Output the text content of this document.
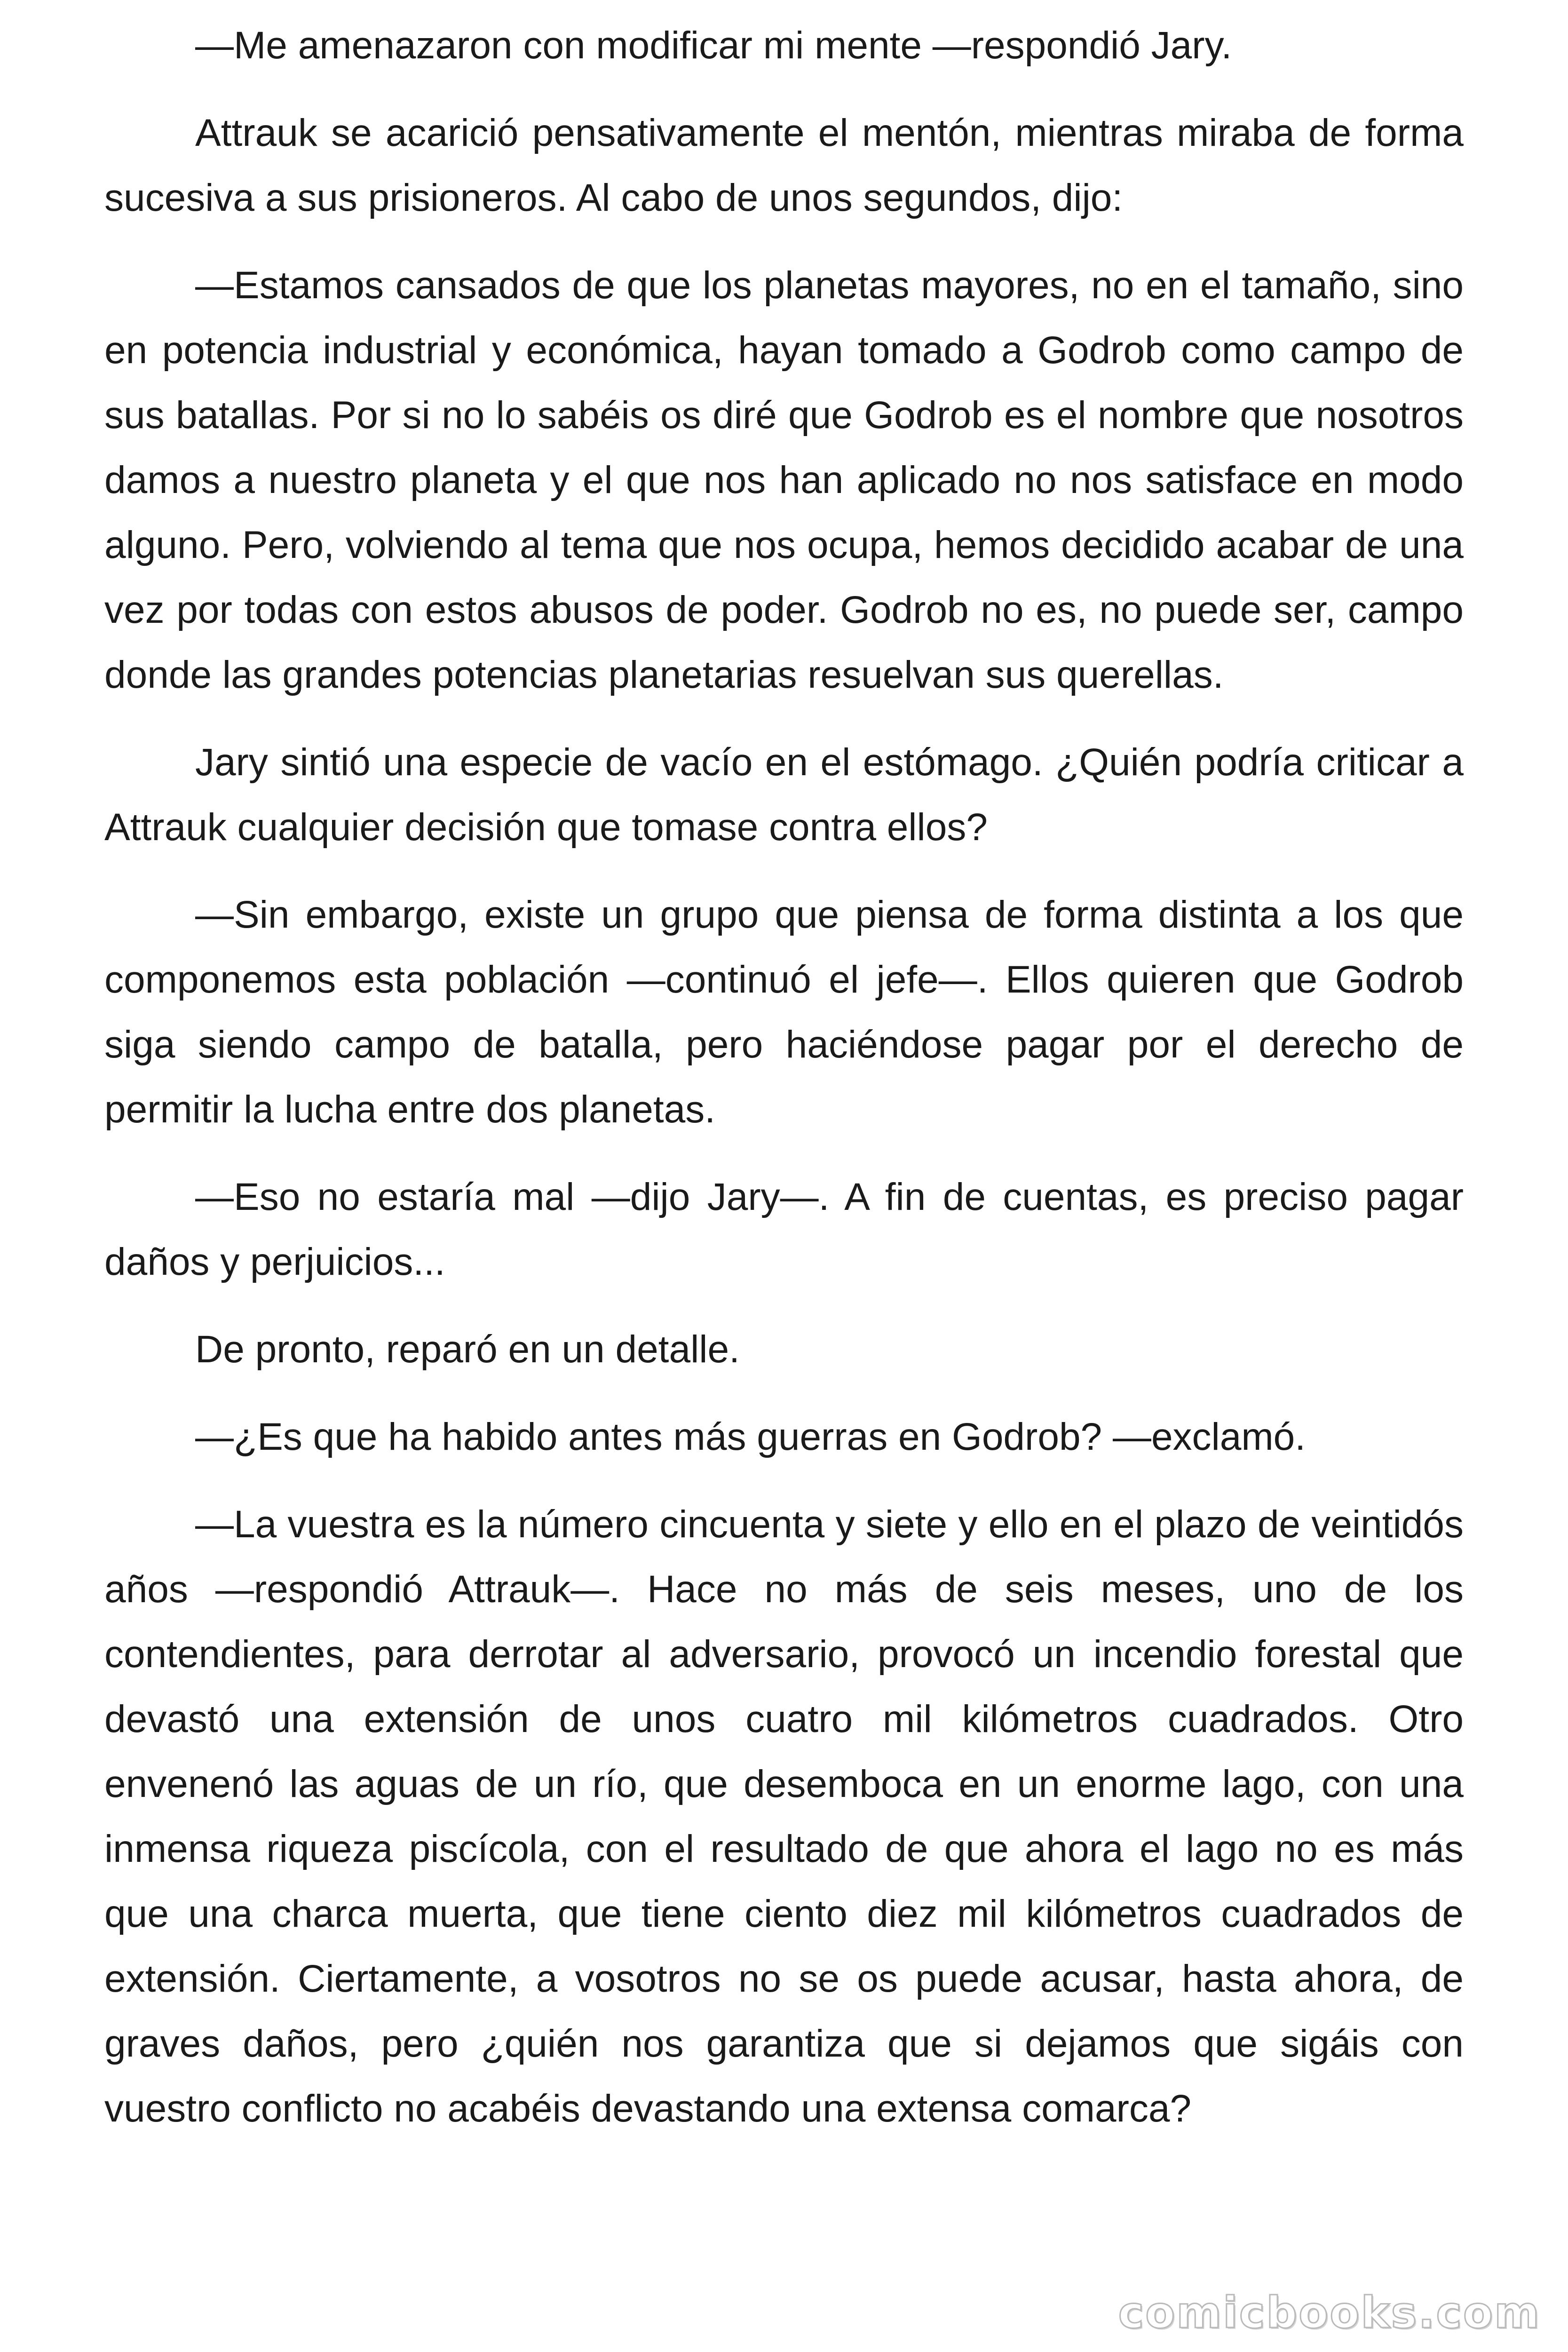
—Me amenazaron con modificar mi mente —respondió Jary.

Attrauk se acarició pensativamente el mentón, mientras miraba de forma sucesiva a sus prisioneros. Al cabo de unos segundos, dijo:

—Estamos cansados de que los planetas mayores, no en el tamaño, sino en potencia industrial y económica, hayan tomado a Godrob como campo de sus batallas. Por si no lo sabéis os diré que Godrob es el nombre que nosotros damos a nuestro planeta y el que nos han aplicado no nos satisface en modo alguno. Pero, volviendo al tema que nos ocupa, hemos decidido acabar de una vez por todas con estos abusos de poder. Godrob no es, no puede ser, campo donde las grandes potencias planetarias resuelvan sus querellas.

Jary sintió una especie de vacío en el estómago. ¿Quién podría criticar a Attrauk cualquier decisión que tomase contra ellos?

—Sin embargo, existe un grupo que piensa de forma distinta a los que componemos esta población —continuó el jefe—. Ellos quieren que Godrob siga siendo campo de batalla, pero haciéndose pagar por el derecho de permitir la lucha entre dos planetas.

—Eso no estaría mal —dijo Jary—. A fin de cuentas, es preciso pagar daños y perjuicios...

De pronto, reparó en un detalle.

—¿Es que ha habido antes más guerras en Godrob? —exclamó.

—La vuestra es la número cincuenta y siete y ello en el plazo de veintidós años —respondió Attrauk—. Hace no más de seis meses, uno de los contendientes, para derrotar al adversario, provocó un incendio forestal que devastó una extensión de unos cuatro mil kilómetros cuadrados. Otro envenenó las aguas de un río, que desemboca en un enorme lago, con una inmensa riqueza piscícola, con el resultado de que ahora el lago no es más que una charca muerta, que tiene ciento diez mil kilómetros cuadrados de extensión. Ciertamente, a vosotros no se os puede acusar, hasta ahora, de graves daños, pero ¿quién nos garantiza que si dejamos que sigáis con vuestro conflicto no acabéis devastando una extensa comarca?

comicbooks.com
